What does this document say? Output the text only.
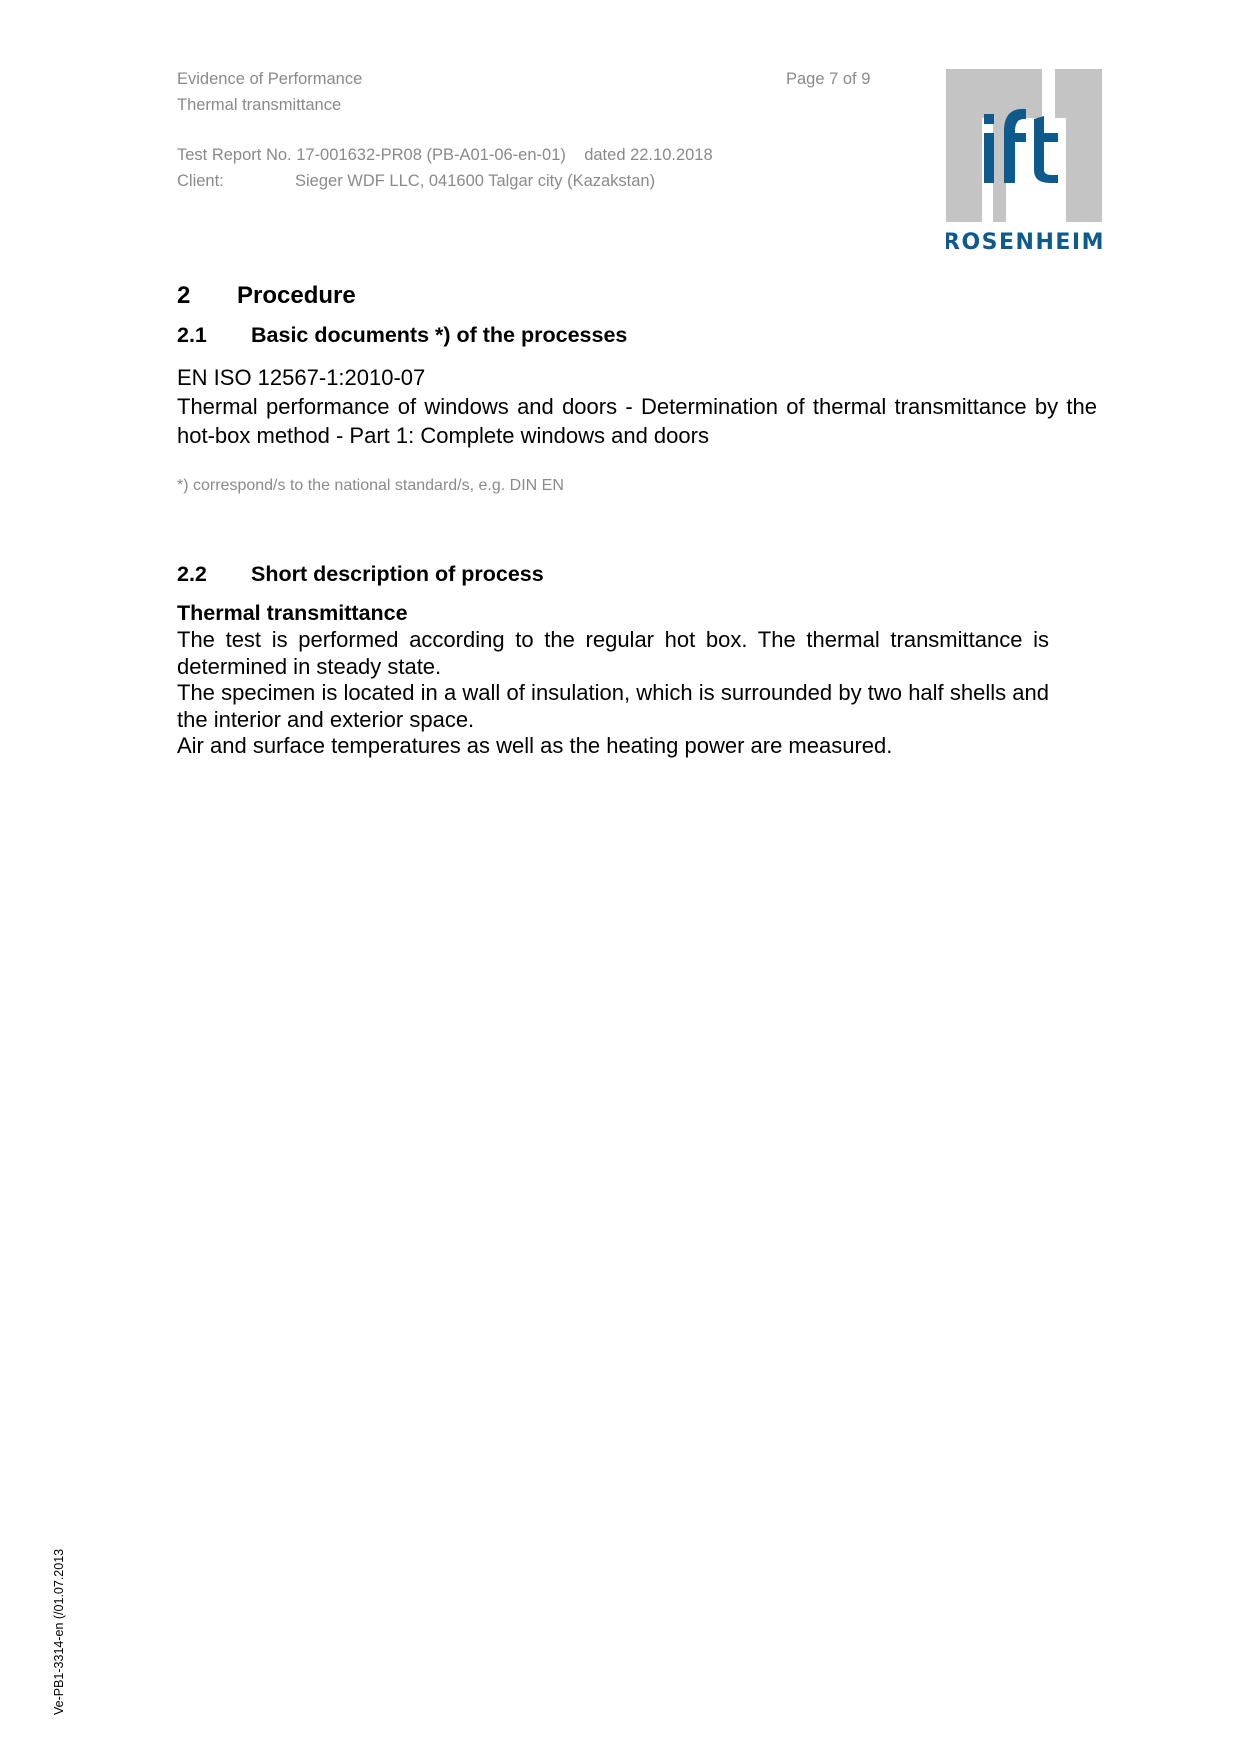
Evidence of Performance
Thermal transmittance
Page 7 of 9
Test Report No. 17-001632-PR08 (PB-A01-06-en-01)    dated 22.10.2018
Client:	Sieger WDF LLC, 041600 Talgar city (Kazakstan)
ROSENHEIM
2 Procedure
2.1 Basic documents *) of the processes

EN ISO 12567-1:2010-07

Thermal performance of windows and doors - Determination of thermal transmittance by the hot-box method - Part 1: Complete windows and doors

*) correspond/s to the national standard/s, e.g. DIN EN
2.2 Short description of process
Thermal transmittance

The test is performed according to the regular hot box. The thermal transmittance is determined in steady state.

The specimen is located in a wall of insulation, which is surrounded by two half shells and the interior and exterior space.

Air and surface temperatures as well as the heating power are measured.

Ve-PB1-3314-en (/01.07.2013
